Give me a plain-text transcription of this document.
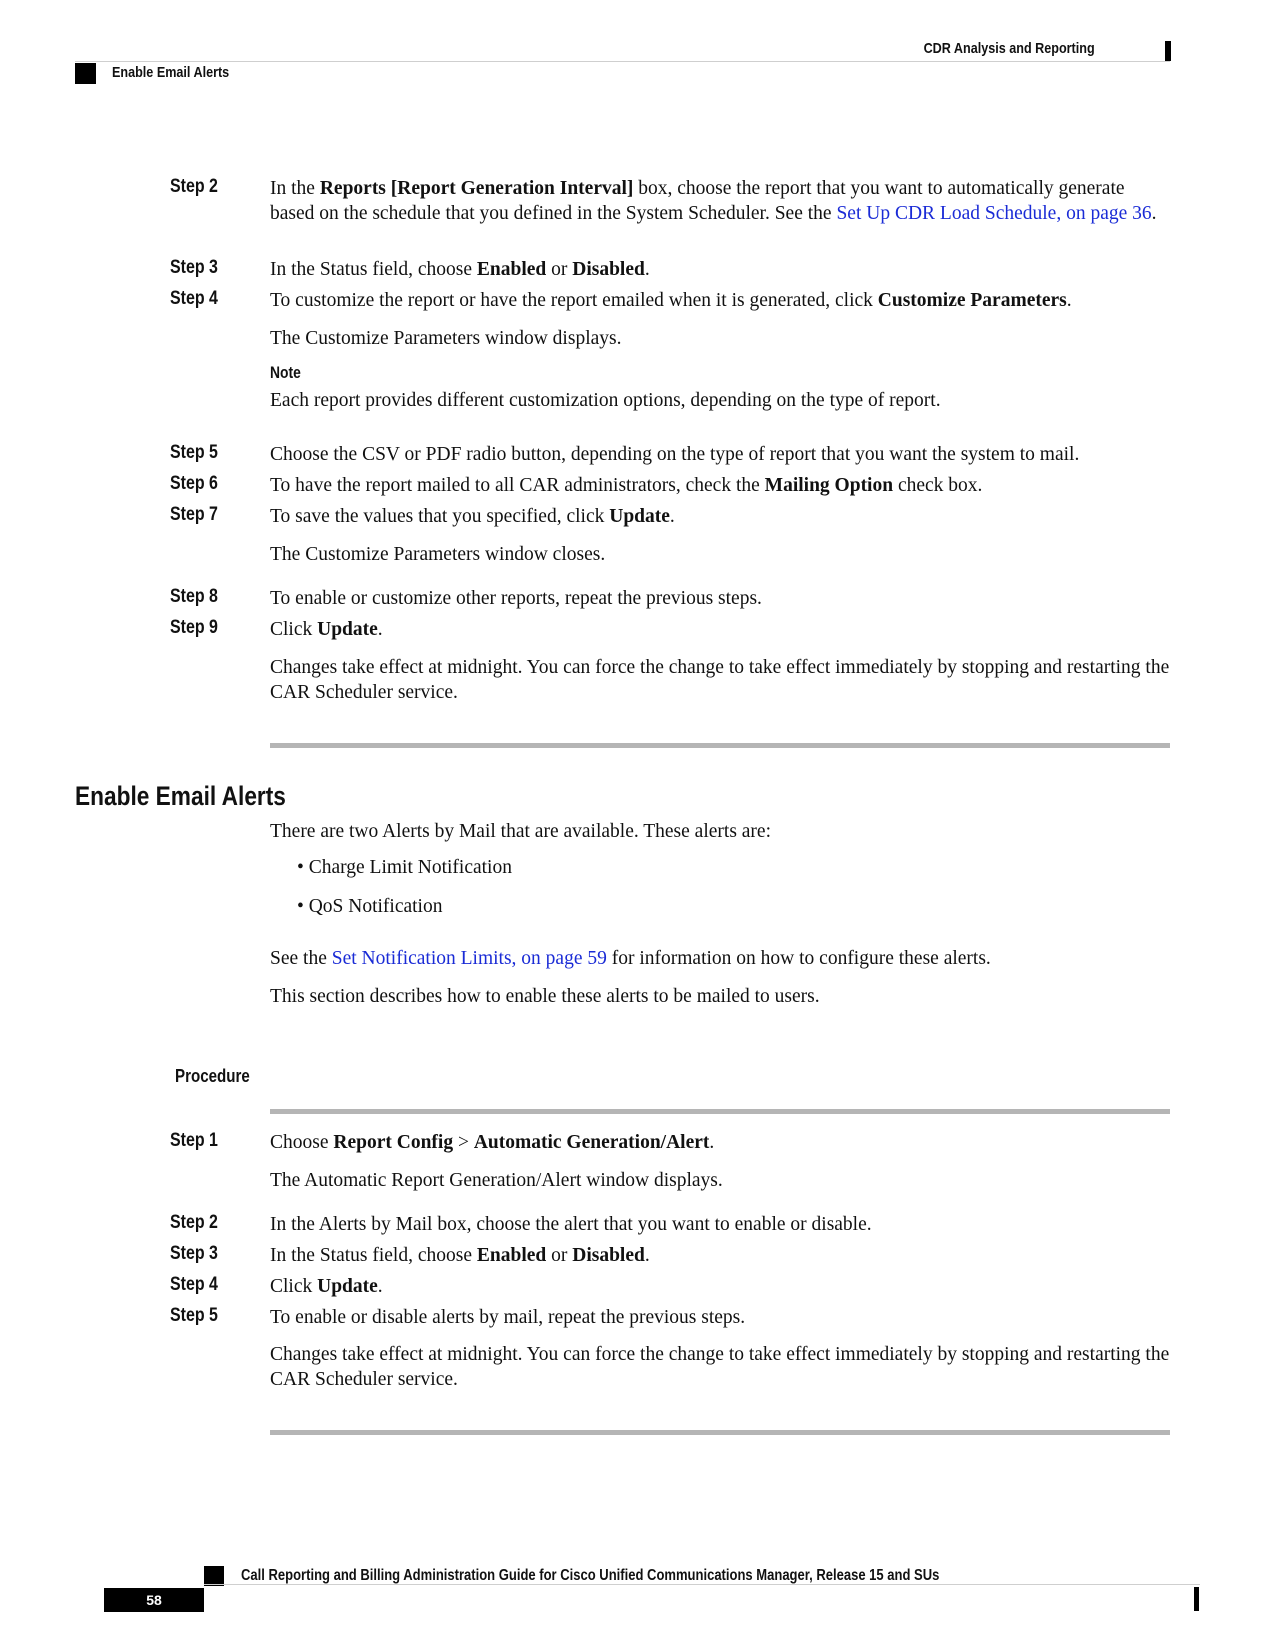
CDR Analysis and Reporting
Enable Email Alerts
Step 2	In the Reports [Report Generation Interval] box, choose the report that you want to automatically generate based on the schedule that you defined in the System Scheduler. See the Set Up CDR Load Schedule, on page 36.
Step 3	In the Status field, choose Enabled or Disabled.
Step 4	To customize the report or have the report emailed when it is generated, click Customize Parameters.
The Customize Parameters window displays.
Note
Each report provides different customization options, depending on the type of report.
Step 5	Choose the CSV or PDF radio button, depending on the type of report that you want the system to mail.
Step 6	To have the report mailed to all CAR administrators, check the Mailing Option check box.
Step 7	To save the values that you specified, click Update.
The Customize Parameters window closes.
Step 8	To enable or customize other reports, repeat the previous steps.
Step 9	Click Update.
Changes take effect at midnight. You can force the change to take effect immediately by stopping and restarting the CAR Scheduler service.
Enable Email Alerts
There are two Alerts by Mail that are available. These alerts are:
• Charge Limit Notification
• QoS Notification
See the Set Notification Limits, on page 59 for information on how to configure these alerts.
This section describes how to enable these alerts to be mailed to users.
Procedure
Step 1	Choose Report Config > Automatic Generation/Alert.
The Automatic Report Generation/Alert window displays.
Step 2	In the Alerts by Mail box, choose the alert that you want to enable or disable.
Step 3	In the Status field, choose Enabled or Disabled.
Step 4	Click Update.
Step 5	To enable or disable alerts by mail, repeat the previous steps.
Changes take effect at midnight. You can force the change to take effect immediately by stopping and restarting the CAR Scheduler service.
Call Reporting and Billing Administration Guide for Cisco Unified Communications Manager, Release 15 and SUs
58
